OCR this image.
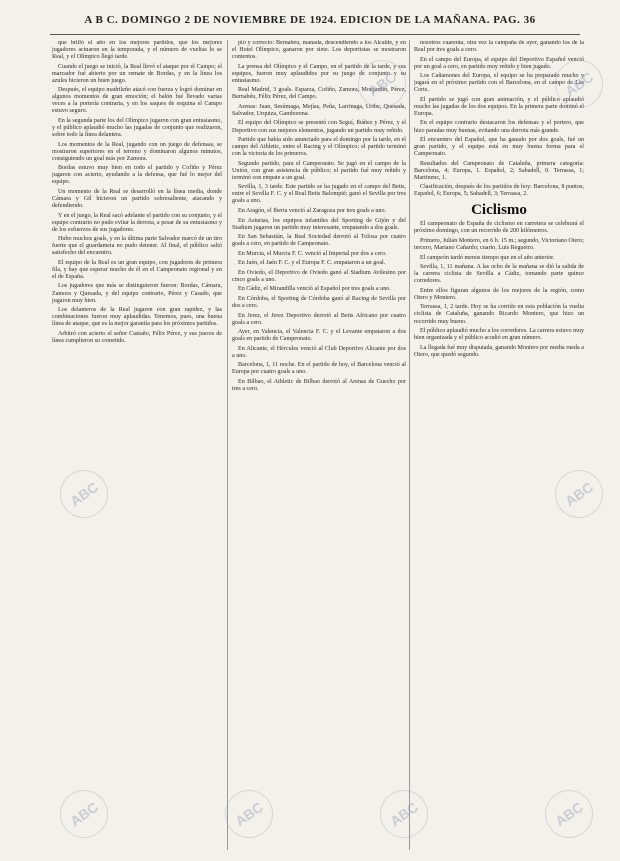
A B C. DOMINGO 2 DE NOVIEMBRE DE 1924. EDICION DE LA MAÑANA. PAG. 36

que brilló el año en los mejores partidos, que los mejores jugadores actuaron en la temporada, y el número de vueltas lo se Real, y el Olímpico llegó tarde.

Cuando el juego se inició, la Real llevó el ataque por el Campo; el marcador fué abierto por un remate de Bordas, y en la línea los azules hicieron un buen juego.

Después, el equipo madrileño atacó con fuerza y logró dominar en algunos momentos de gran emoción; el balón fué llevado varias veces a la portería contraria, y en los saques de esquina el Campo estuvo seguro.

En la segunda parte los del Olímpico jugaron con gran entusiasmo, y el público aplaudió mucho las jugadas de conjunto que realizaron, sobre todo la línea delantera.

Los momentos de la Real, jugando con un juego de defensas, se mostraron superiores en el terreno y dominaron algunos minutos, consiguiendo un goal más por Zamora.

Bordas estuvo muy bien en todo el partido y Cofiño y Pérez jugaron con acierto, ayudando a la defensa, que fué lo mejor del equipo.

Un momento de la Real se desarrolló en la línea media, donde Cámara y Gil hicieron un partido sobresaliente, atacando y defendiendo.

Y en el juego, la Real sacó adelante el partido con su conjunto, y el equipo contrario no pudo evitar la derrota, a pesar de su entusiasmo y de los esfuerzos de sus jugadores.

Hubo muchos goals, y en la última parte Salvador marcó de un tiro fuerte que el guardameta no pudo detener. Al final, el público salió satisfecho del encuentro.

El equipo de la Real es un gran equipo, con jugadores de primera fila, y hay que esperar mucho de él en el Campeonato regional y en el de España.

Los jugadores que más se distinguieron fueron: Bordas, Cámara, Zamora y Quesada, y del equipo contrario, Pérez y Casado, que jugaron muy bien.

Los delanteros de la Real jugaron con gran rapidez, y las combinaciones fueron muy aplaudidas. Tenemos, pues, una buena línea de ataque, que es la mejor garantía para los próximos partidos.

Arbitró con acierto el señor Castaño, Félix Pérez, y sus jueces de línea cumplieron su cometido.

pio y correcto: Bernabéu, manada, descendiendo a los Alcalde, y en el Hotel Olímpico, ganaron por siete. Los deportistas se mostraron contentos.

La prensa del Olímpico y el Campo, en el partido de la tarde, y sus equipos, fueron muy aplaudidos por su juego de conjunto y su entusiasmo.

Real Madrid, 3 goals. Esparza, Cofiño, Zamora, Monjardín, Pérez, Bernabéu, Félix Pérez, del Campo.

Arenas: Juan, Sesúmaga, Mejías, Peña, Larrinaga, Uribe, Quesada, Salvador, Urquiza, Gamborena.

El equipo del Olímpico se presentó con Seguí, Ibáñez y Pérez, y el Deportivo con sus mejores elementos, jugando un partido muy reñido.

Partido que había sido anunciado para el domingo por la tarde, en el campo del Athletic, entre el Racing y el Olímpico; el partido terminó con la victoria de los primeros.

Segundo partido, para el Campeonato. Se jugó en el campo de la Unión, con gran asistencia de público; el partido fué muy reñido y terminó con empate a un goal.

Sevilla, 1, 3 tarde. Este partido se ha jugado en el campo del Betis, entre el Sevilla F. C. y el Real Betis Balompié; ganó el Sevilla por tres goals a uno.

En Aragón, el Iberia venció al Zaragoza por tres goals a uno.

En Asturias, los equipos infantiles del Sporting de Gijón y del Stadium jugaron un partido muy interesante, empatando a dos goals.

En San Sebastián, la Real Sociedad derrotó al Tolosa por cuatro goals a cero, en partido de Campeonato.

En Murcia, el Murcia F. C. venció al Imperial por dos a cero.

En Jaén, el Jaén F. C. y el Europa F. C. empataron a un goal.

En Oviedo, el Deportivo de Oviedo ganó al Stadium Avilesino por cinco goals a uno.

En Cádiz, el Mirandilla venció al Español por tres goals a uno.

En Córdoba, el Sporting de Córdoba ganó al Racing de Sevilla por dos a cero.

En Jerez, el Jerez Deportivo derrotó al Betis Africano por cuatro goals a cero.

Ayer, en Valencia, el Valencia F. C. y el Levante empataron a dos goals en partido de Campeonato.

En Alicante, el Hércules venció al Club Deportivo Alicante por dos a uno.

Barcelona, 1, 11 noche. En el partido de hoy, el Barcelona venció al Europa por cuatro goals a uno.

En Bilbao, el Athletic de Bilbao derrotó al Arenas de Guecho por tres a cero.

nosotros cuarenta, otra vez la campaña de ayer, ganando los de la Real por tres goals a cero.

En el campo del Europa, el equipo del Deportivo Español venció por un goal a cero, en partido muy reñido y bien jugado.

Los Cañamones del Europa, el equipo se ha preparado mucho y jugará en el próximo partido con el Barcelona, en el campo de Las Corts.

El partido se jugó con gran animación, y el público aplaudió mucho las jugadas de los dos equipos. En la primera parte dominó el Europa.

En el equipo contrario destacaron los defensas y el portero, que hizo paradas muy buenas, evitando una derrota más grande.

El encuentro del Español, que ha ganado por dos goals, fué un gran partido, y el equipo está en muy buena forma para el Campeonato.

Resultados del Campeonato de Cataluña, primera categoría: Barcelona, 4; Europa, 1. Español, 2; Sabadell, 0. Terrassa, 1; Martinenc, 1.

Clasificación, después de los partidos de hoy: Barcelona, 8 puntos; Español, 6; Europa, 5; Sabadell, 3; Terrassa, 2.

Ciclismo

El campeonato de España de ciclismo en carretera se celebrará el próximo domingo, con un recorrido de 200 kilómetros.

Primero, Julián Montero, en 6 h. 15 m.; segundo, Victoriano Otero; tercero, Mariano Cañardo; cuarto, Luis Regueiro.

El campeón tardó menos tiempo que en el año anterior.

Sevilla, 1, 11 mañana. A las ocho de la mañana se dió la salida de la carrera ciclista de Sevilla a Cádiz, tomando parte quince corredores.

Entre ellos figuran algunos de los mejores de la región, como Otero y Montero.

Terrassa, 1, 2 tarde. Hoy se ha corrido en esta población la vuelta ciclista de Cataluña, ganando Ricardo Montero, que hizo un recorrido muy bueno.

El público aplaudió mucho a los corredores. La carrera estuvo muy bien organizada y el público acudió en gran número.

La llegada fué muy disputada, ganando Montero por media rueda a Otero, que quedó segundo.

ABC	ABC
ABC	ABC
ABC	ABC	ABC	ABC
